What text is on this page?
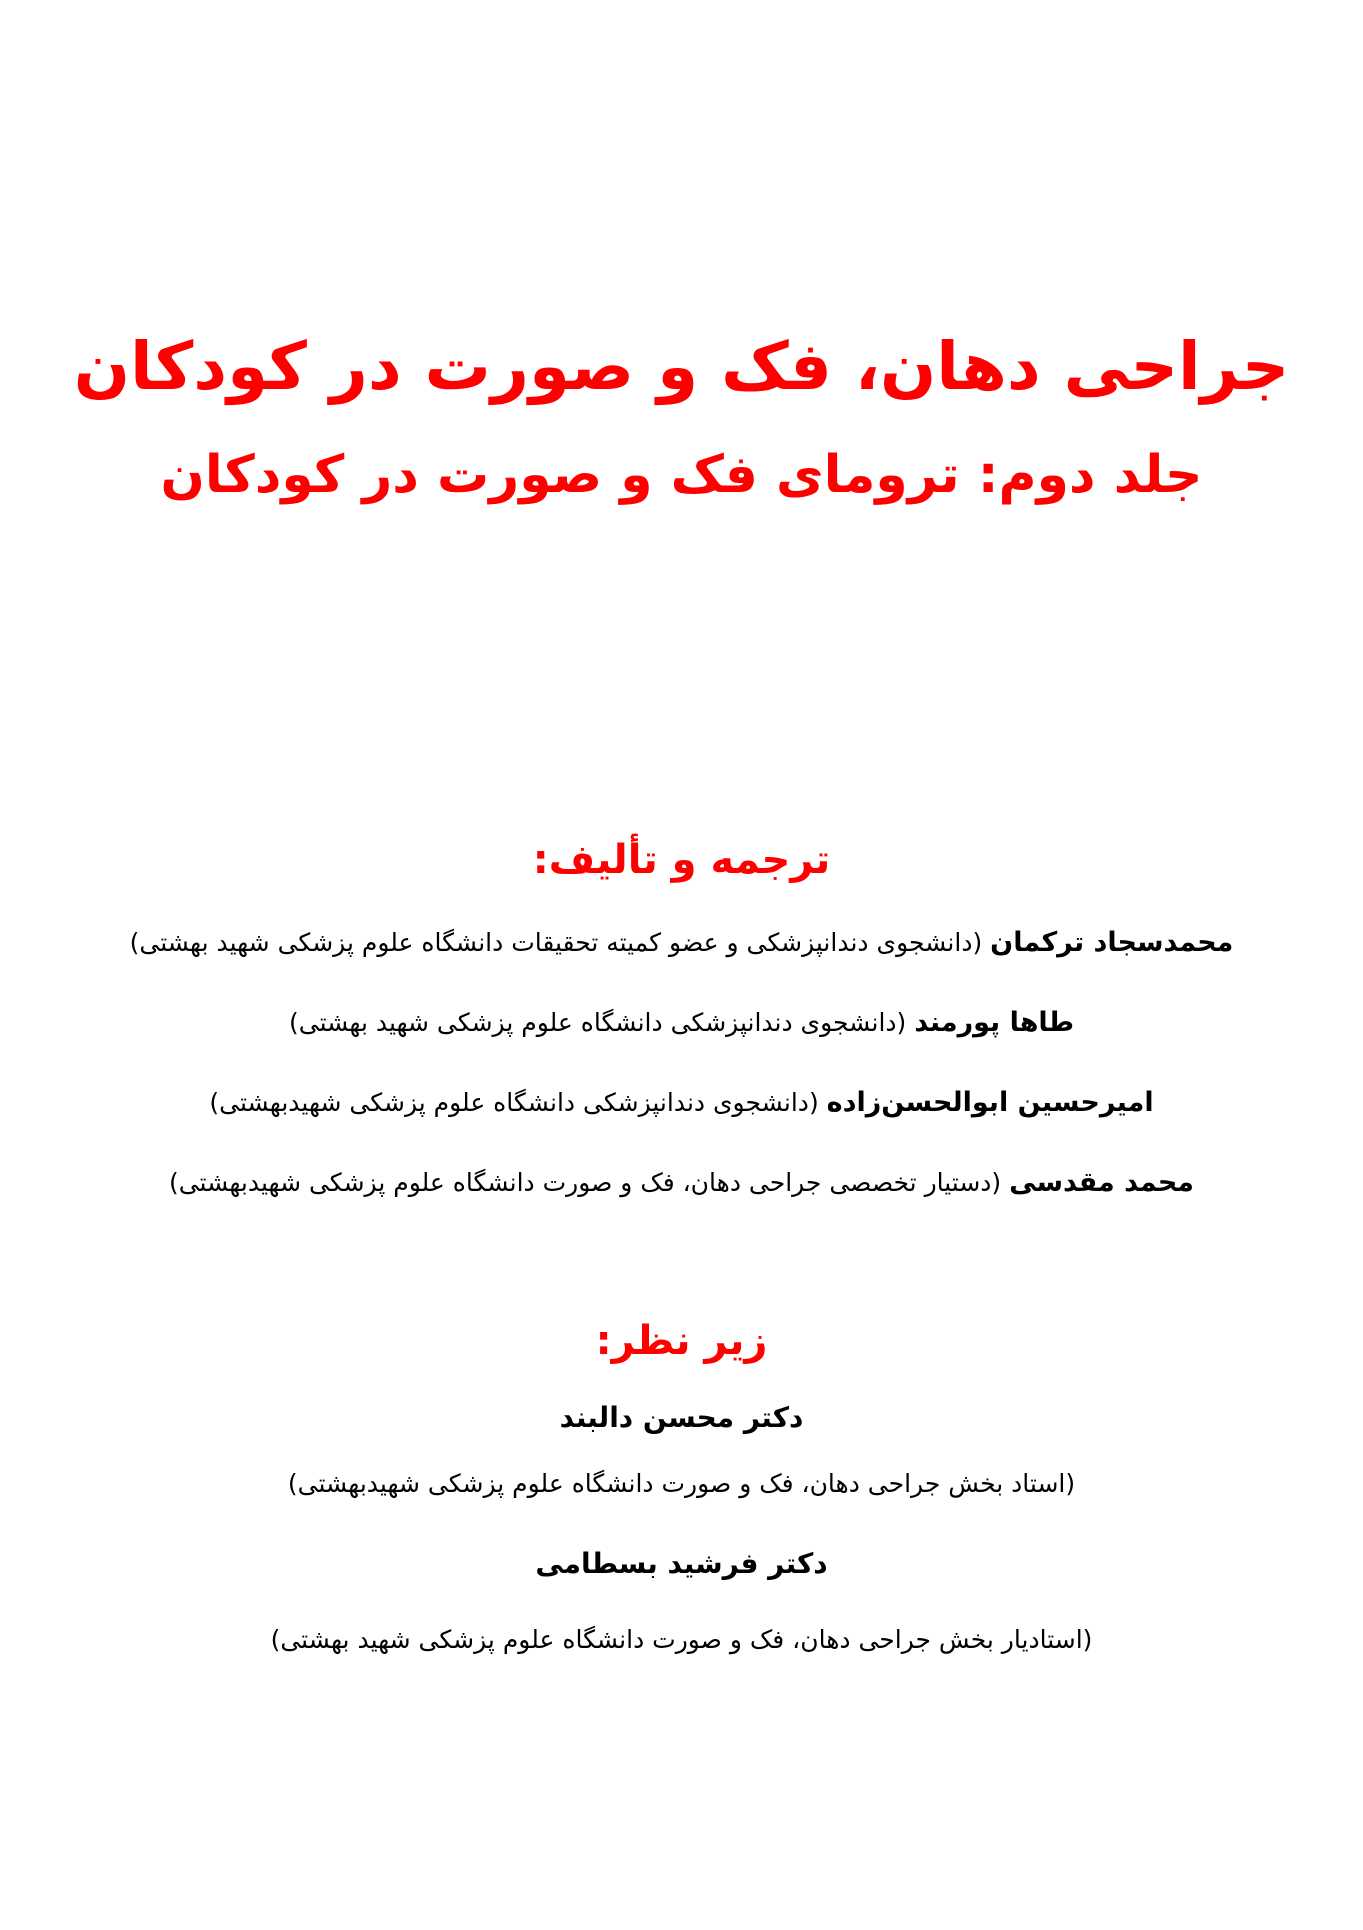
جراحی دهان، فک و صورت در کودکان
جلد دوم: ترومای فک و صورت در کودکان
ترجمه و تألیف:
محمدسجاد ترکمان (دانشجوی دندانپزشکی و عضو کمیته تحقیقات دانشگاه علوم پزشکی شهید بهشتی)
طاها پورمند (دانشجوی دندانپزشکی دانشگاه علوم پزشکی شهید بهشتی)
امیرحسین ابوالحسن‌زاده (دانشجوی دندانپزشکی دانشگاه علوم پزشکی شهیدبهشتی)
محمد مقدسی (دستیار تخصصی جراحی دهان، فک و صورت دانشگاه علوم پزشکی شهیدبهشتی)
زیر نظر:
دکتر محسن دالبند
(استاد بخش جراحی دهان، فک و صورت دانشگاه علوم پزشکی شهیدبهشتی)
دکتر فرشید بسطامی
(استادیار بخش جراحی دهان، فک و صورت دانشگاه علوم پزشکی شهید بهشتی)
